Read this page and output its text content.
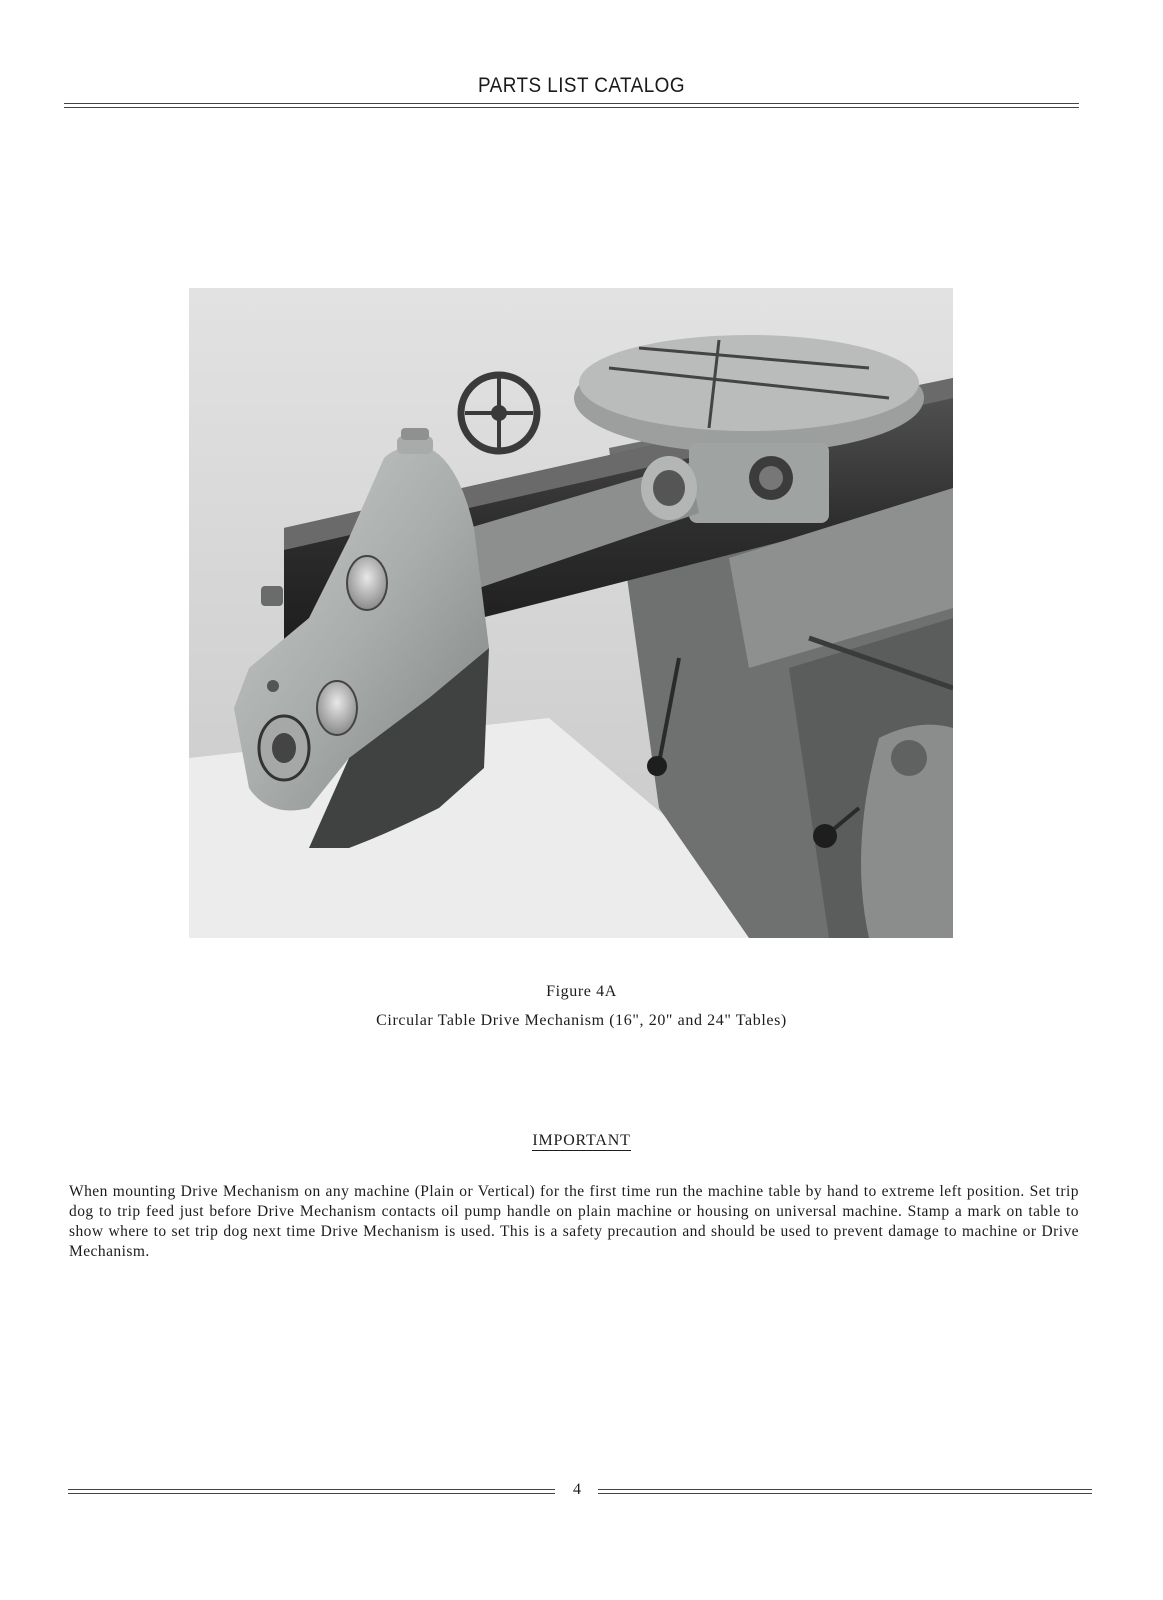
PARTS LIST CATALOG
Figure 4A
Circular Table Drive Mechanism (16", 20" and 24" Tables)
IMPORTANT

When mounting Drive Mechanism on any machine (Plain or Vertical) for the first time run the machine table by hand to extreme left position. Set trip dog to trip feed just before Drive Mechanism contacts oil pump handle on plain machine or housing on universal machine. Stamp a mark on table to show where to set trip dog next time Drive Mechanism is used. This is a safety precaution and should be used to prevent damage to machine or Drive Mechanism.

4
